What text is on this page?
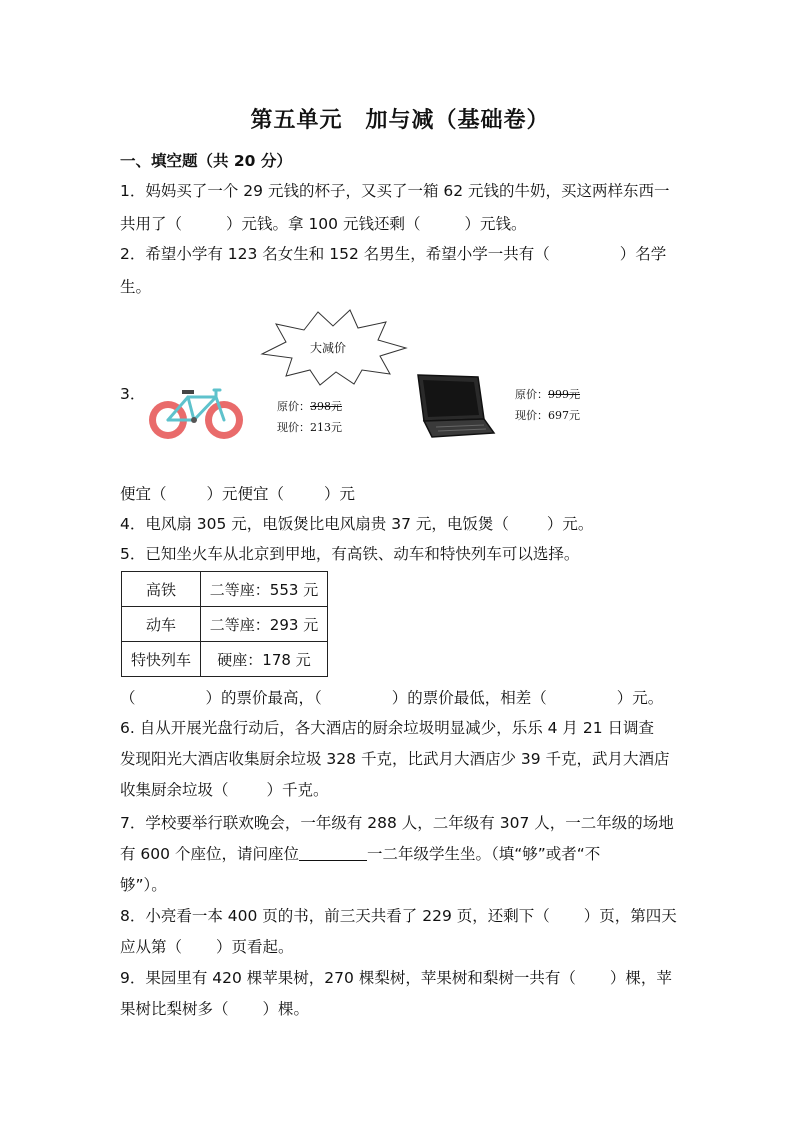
第五单元　加与减（基础卷）
一、填空题（共 20 分）
1．妈妈买了一个 29 元钱的杯子，又买了一箱 62 元钱的牛奶，买这两样东西一
共用了（	）元钱。拿 100 元钱还剩（	）元钱。
2．希望小学有 123 名女生和 152 名男生，希望小学一共有（	）名学
生。
3．
大减价
原价：398元
现价：213元
原价：999元
现价：697元
便宜（	）元便宜（	）元
4．电风扇 305 元，电饭煲比电风扇贵 37 元，电饭煲（ ）元。
5．已知坐火车从北京到甲地，有高铁、动车和特快列车可以选择。
高铁	二等座：553 元
动车	二等座：293 元
特快列车	硬座：178 元
（	）的票价最高，（	）的票价最低，相差（	）元。
6. 自从开展光盘行动后，各大酒店的厨余垃圾明显减少，乐乐 4 月 21 日调查
发现阳光大酒店收集厨余垃圾 328 千克，比武月大酒店少 39 千克，武月大酒店
收集厨余垃圾（ ）千克。
7．学校要举行联欢晚会，一年级有 288 人，二年级有 307 人，一二年级的场地
有 600 个座位，请问座位	一二年级学生坐。（填“够”或者“不
够”）。
8．小亮看一本 400 页的书，前三天共看了 229 页，还剩下（ ）页，第四天
应从第（ ）页看起。
9．果园里有 420 棵苹果树，270 棵梨树，苹果树和梨树一共有（ ）棵，苹
果树比梨树多（ ）棵。
